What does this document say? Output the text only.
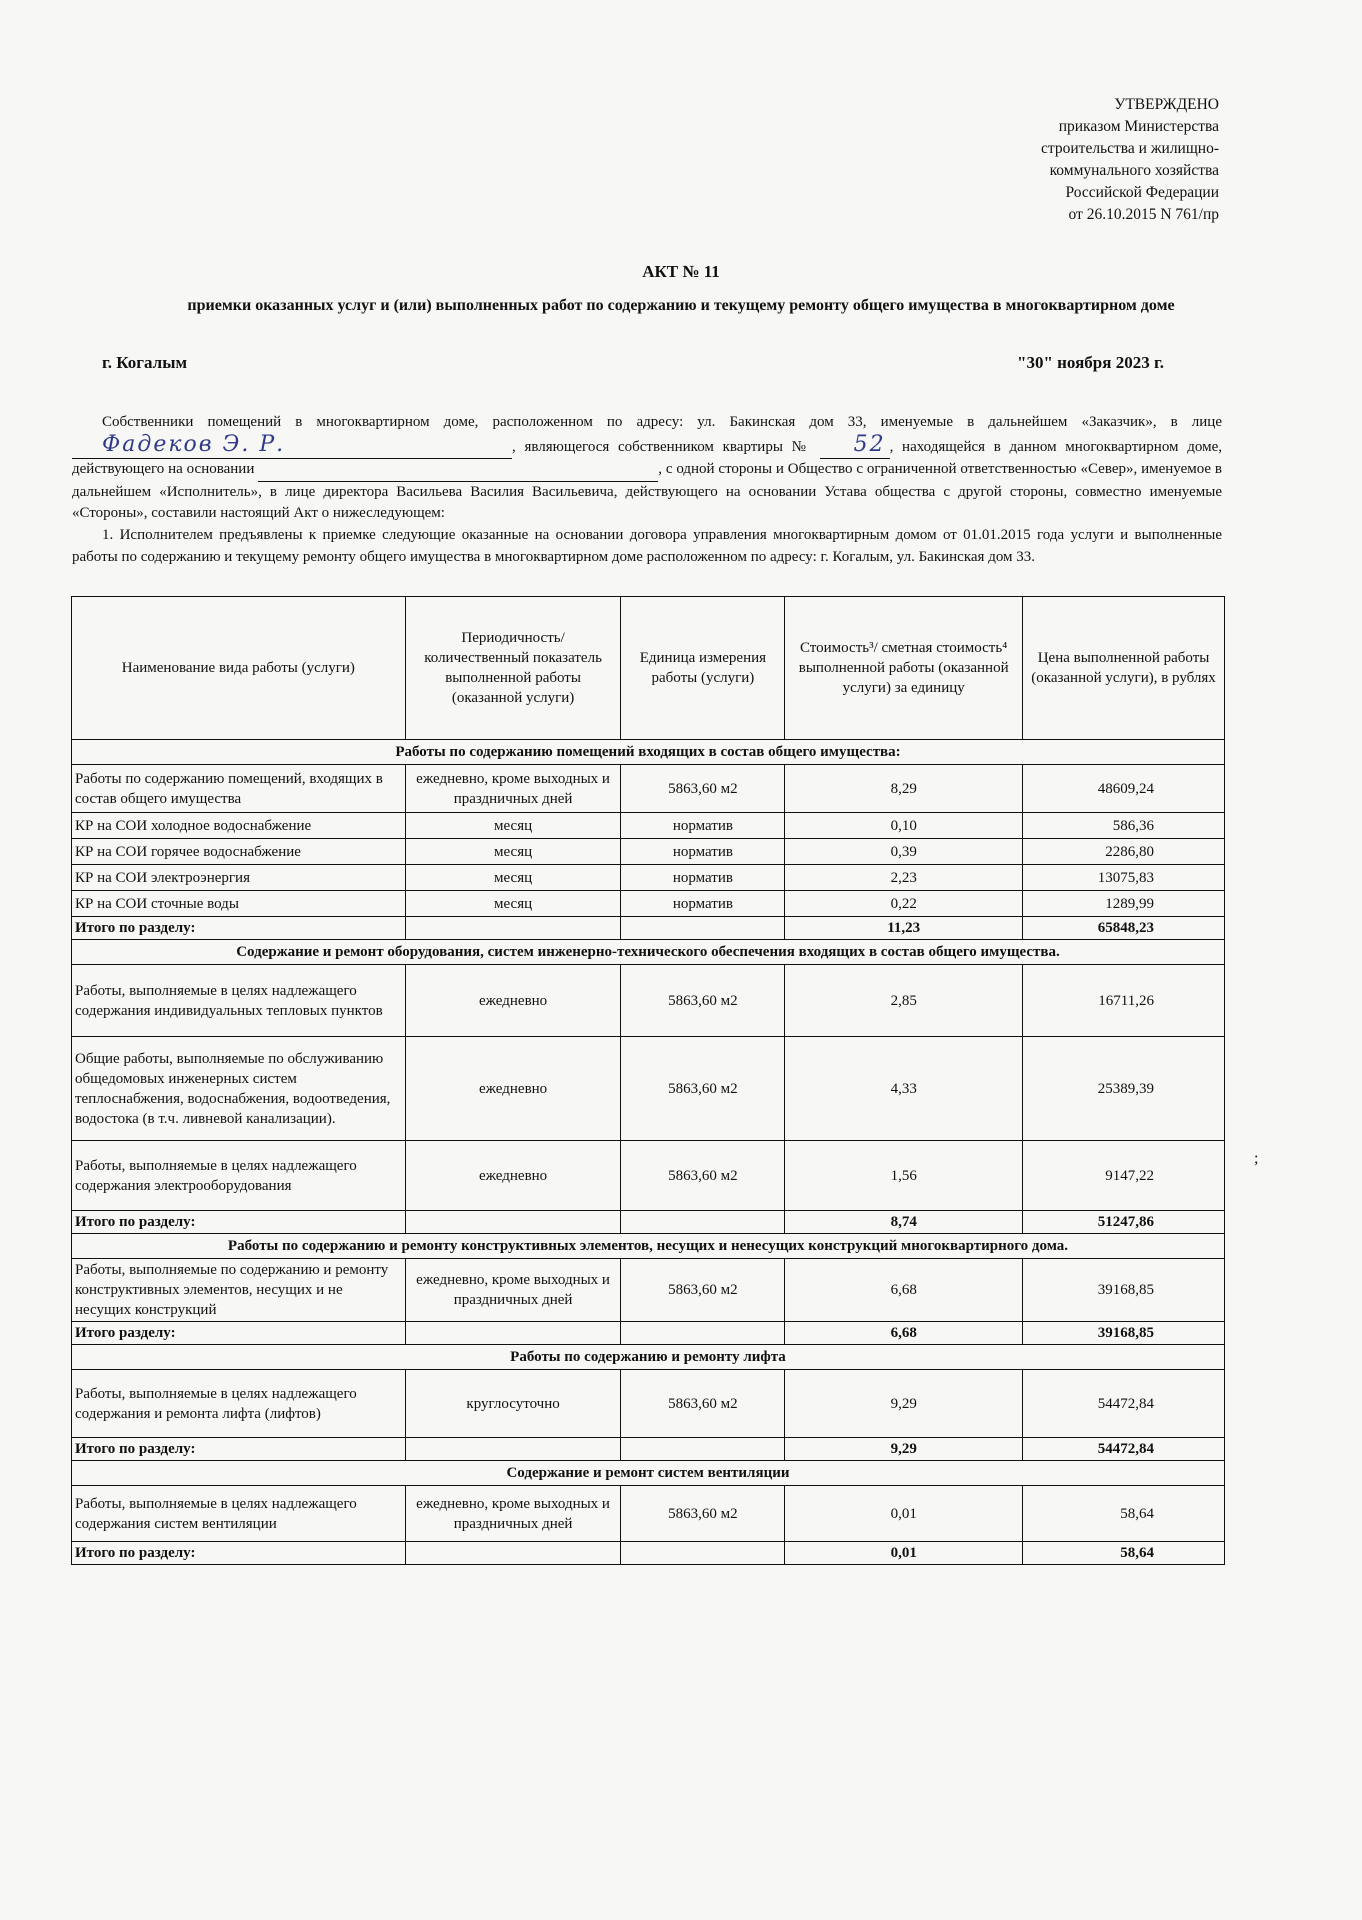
УТВЕРЖДЕНО
приказом Министерства
строительства и жилищно-
коммунального хозяйства
Российской Федерации
от 26.10.2015 N 761/пр
АКТ № 11
приемки оказанных услуг и (или) выполненных работ по содержанию и текущему ремонту общего имущества в многоквартирном доме
г. Когалым	"30" ноября 2023 г.

Собственники помещений в многоквартирном доме, расположенном по адресу: ул. Бакинская дом 33, именуемые в дальнейшем «Заказчик», в лице Фадеков Э. Р.	, являющегося собственником квартиры № 52 , находящейся в данном многоквартирном доме, действующего на основании	, с одной стороны и Общество с ограниченной ответственностью «Север», именуемое в дальнейшем «Исполнитель», в лице директора Васильева Василия Васильевича, действующего на основании Устава общества с другой стороны, совместно именуемые «Стороны», составили настоящий Акт о нижеследующем:

1. Исполнителем предъявлены к приемке следующие оказанные на основании договора управления многоквартирным домом от 01.01.2015 года услуги и выполненные работы по содержанию и текущему ремонту общего имущества в многоквартирном доме расположенном по адресу: г. Когалым, ул. Бакинская дом 33.

Наименование вида работы (услуги)	Периодичность/ количественный показатель выполненной работы (оказанной услуги)	Единица измерения работы (услуги)	Стоимость³/ сметная стоимость⁴ выполненной работы (оказанной услуги) за единицу	Цена выполненной работы (оказанной услуги), в рублях
Работы по содержанию помещений входящих в состав общего имущества:				
Работы по содержанию помещений, входящих в состав общего имущества	ежедневно, кроме выходных и праздничных дней	5863,60 м2	8,29	48609,24
КР на СОИ холодное водоснабжение	месяц	норматив	0,10	586,36
КР на СОИ горячее водоснабжение	месяц	норматив	0,39	2286,80
КР на СОИ электроэнергия	месяц	норматив	2,23	13075,83
КР на СОИ сточные воды	месяц	норматив	0,22	1289,99
Итого по разделу:			11,23	65848,23
Содержание и ремонт оборудования, систем инженерно-технического обеспечения входящих в состав общего имущества.				
Работы, выполняемые в целях надлежащего содержания индивидуальных тепловых пунктов	ежедневно	5863,60 м2	2,85	16711,26
Общие работы, выполняемые по обслуживанию общедомовых инженерных систем теплоснабжения, водоснабжения, водоотведения, водостока (в т.ч. ливневой канализации).	ежедневно	5863,60 м2	4,33	25389,39
Работы, выполняемые в целях надлежащего содержания электрооборудования	ежедневно	5863,60 м2	1,56	9147,22
Итого по разделу:			8,74	51247,86
Работы по содержанию и ремонту конструктивных элементов, несущих и ненесущих конструкций многоквартирного дома.				
Работы, выполняемые по содержанию и ремонту конструктивных элементов, несущих и не несущих конструкций	ежедневно, кроме выходных и праздничных дней	5863,60 м2	6,68	39168,85
Итого разделу:			6,68	39168,85
Работы по содержанию и ремонту лифта				
Работы, выполняемые в целях надлежащего содержания и ремонта лифта (лифтов)	круглосуточно	5863,60 м2	9,29	54472,84
Итого по разделу:			9,29	54472,84
Содержание и ремонт систем вентиляции				
Работы, выполняемые в целях надлежащего содержания систем вентиляции	ежедневно, кроме выходных и праздничных дней	5863,60 м2	0,01	58,64
Итого по разделу:			0,01	58,64
;
